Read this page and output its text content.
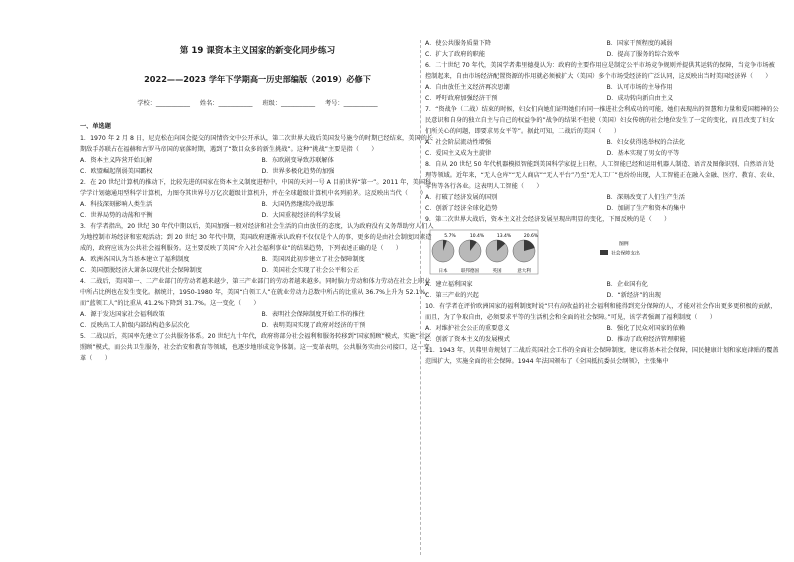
第 19 课资本主义国家的新变化同步练习
2022——2023 学年下学期高一历史部编版（2019）必修下
学校：___________ 姓名：___________ 班级：___________ 考号：___________
一、单选题

1．1970 年 2 月 8 日，尼克松在向国会提交的国情咨文中公开承认，第二次世界大战后美国发号施令的时期已经结束，美国的长期敌手苏联占在福赫和古罗马帝国的衰落时期，遇到了“数目众多的新生挑战”。这种“挑战”主要是指（　　）

A．资本主义阵营开始瓦解	B．东欧剧变导致苏联解体
C．欧盟崛起削弱美国霸权	D．世界多极化趋势的加强

2．在 20 世纪计算机的推动下，比较先进的国家在资本主义制度进程中，中国的天河一号 A 目前世界“第一”。2011 年，美国科学学计划德通用型科学计算机，力图夺其世界号万亿次超级计算机升，并在全球超级计算机中名列前茅。这反映出当代（　　）

A．科技深刻影响人类生活	B．大国仍然继续冷战思维
C．世界局势的动荡和平衡	D．大国重视经济的科学发展

3．有学者指出，20 世纪 30 年代中期以后，美国加强一般对经济和社会生活的自由放任的态度，认为政府没有义务帮助穷人们人为地控制市场经济和宏观活动；到 20 世纪 30 年代中期，美国政府逐渐承认政府不仅仅是个人的事，更多的是由社会制度因素造成的，政府应该为公共社会福利服务。这主要反映了美国“介入社会福利事业”的结果趋势，下列表述正确的是（　　）

A．欧洲各国认为当基本建立了福利制度	B．美国因此初步建立了社会保障制度
C．美国摆脱经济大萧条以现代社会保障制度	D．美国社会实现了社会公平和公正

4．二战后，美国第一、二产业部门的劳动者越来越少，第三产业部门的劳动者越来越多。同时脑力劳动和体力劳动在社会上职业中所占比例也在发生变化。据统计，1950-1980 年，美国“白领工人”在就业劳动力总数中所占的比重从 36.7%上升为 52.1%，而“蓝领工人”的比重从 41.2%下降到 31.7%。这一变化（　　）

A．源于发达国家社会福利政策	B．表明社会保障制度开始工作的推往
C．反映出工人阶级内部结构趋多层次化	D．表明美国实现了政府对经济的干预

5．二战以后，英国率先建立了公共服务体系。20 世纪九十年代，政府将部分社会福利和服务转移到“国家照顾”模式，实施“社区照顾”模式，而公共卫生服务，社会治安和教育等领域，也逐步地形成竞争体制。这一变革表明，公共服务实由公司接口，这一变革（　　）

A．使公共服务质量下降	B．国家干预程度的减弱
C．扩大了政府的职能	D．提高了服务的综合效率

6．二十世纪 70 年代，美国学者弗里德曼认为：政府的主要作用应是制定公平市场竞争规则并提供其运转的保障，当竞争市场被控制起来，自由市场经济配置资源的作用就必须被扩大（美国）多个市场受经济的广泛认同，这反映出当时美国经济界（　　）

A．自由放任主义经济再次思潮	B．认可市场的主导作用
C．呼吁政府加强经济干预	D．成功转向新自由主义

7．“资战争（二战）结束的时候，妇女们向她们证明她们有同一推进社会利成功的可能，她们表现出的智慧和力量和爱国精神的公民意识和自身的独立自主与自己的权益争的”战争的结果不但使（美国）妇女传统的社会地位发生了一定的变化，而且改变了妇女们所关心的问题，即要求男女平等”。据此可知，二战后的美国（　　）

A．社会阶层流动性增强	B．妇女获得选举权的合法化
C．爱国主义成为主旋律	D．基本实现了男女的平等

8．自从 20 世纪 50 年代机器模拟智能到美国科学家提上日程，人工智能已经和运用机器人制造、语音及图像识别、自然语言处理等领域。近年来，“无人仓库”“无人商店”“无人平台”乃至“无人工厂”也纷纷出现，人工智能正在融入金融、医疗、教育、农业、零售等各行各业。这表明人工智能（　　）

A．打破了经济发展的国别	B．深刻改变了人们生产生活
C．创新了经济全球化趋势	D．加剧了生产和资本的集中

9．第二次世界大战后，资本主义社会经济发展呈现出明显的变化，下图反映的是（　　）

5.7%
日本
10.4%
联邦德国
13.4%
英国
20.6%
意大利
图例
社会保障支出
A．建立福利国家	B．企业国有化
C．第三产业的兴起	D．“新经济”的出现

10．有学者在评价欧洲国家的福利制度时说“只有高收益的社会福利和能得到充分保障的人，才能对社会作出更多更积极的贡献，而且，为了争取自由，必须要求平等的生活机会和全面的社会保障。”可见，该学者强调了福利制度（　　）

A．对维护社会公正的重要意义	B．强化了民众对国家的依赖
C．创新了资本主义的发展模式	D．推动了政府经济管理职能

11．1943 年，贝弗里奇规划了二战后英国社会工作的全面社会保障制度，建议将基本社会保障，国民健康计划和家庭津贴的覆盖范围扩大，实施全面的社会保障。1944 年法国颁布了《全国抵抗委员会纲领》，主张集中
